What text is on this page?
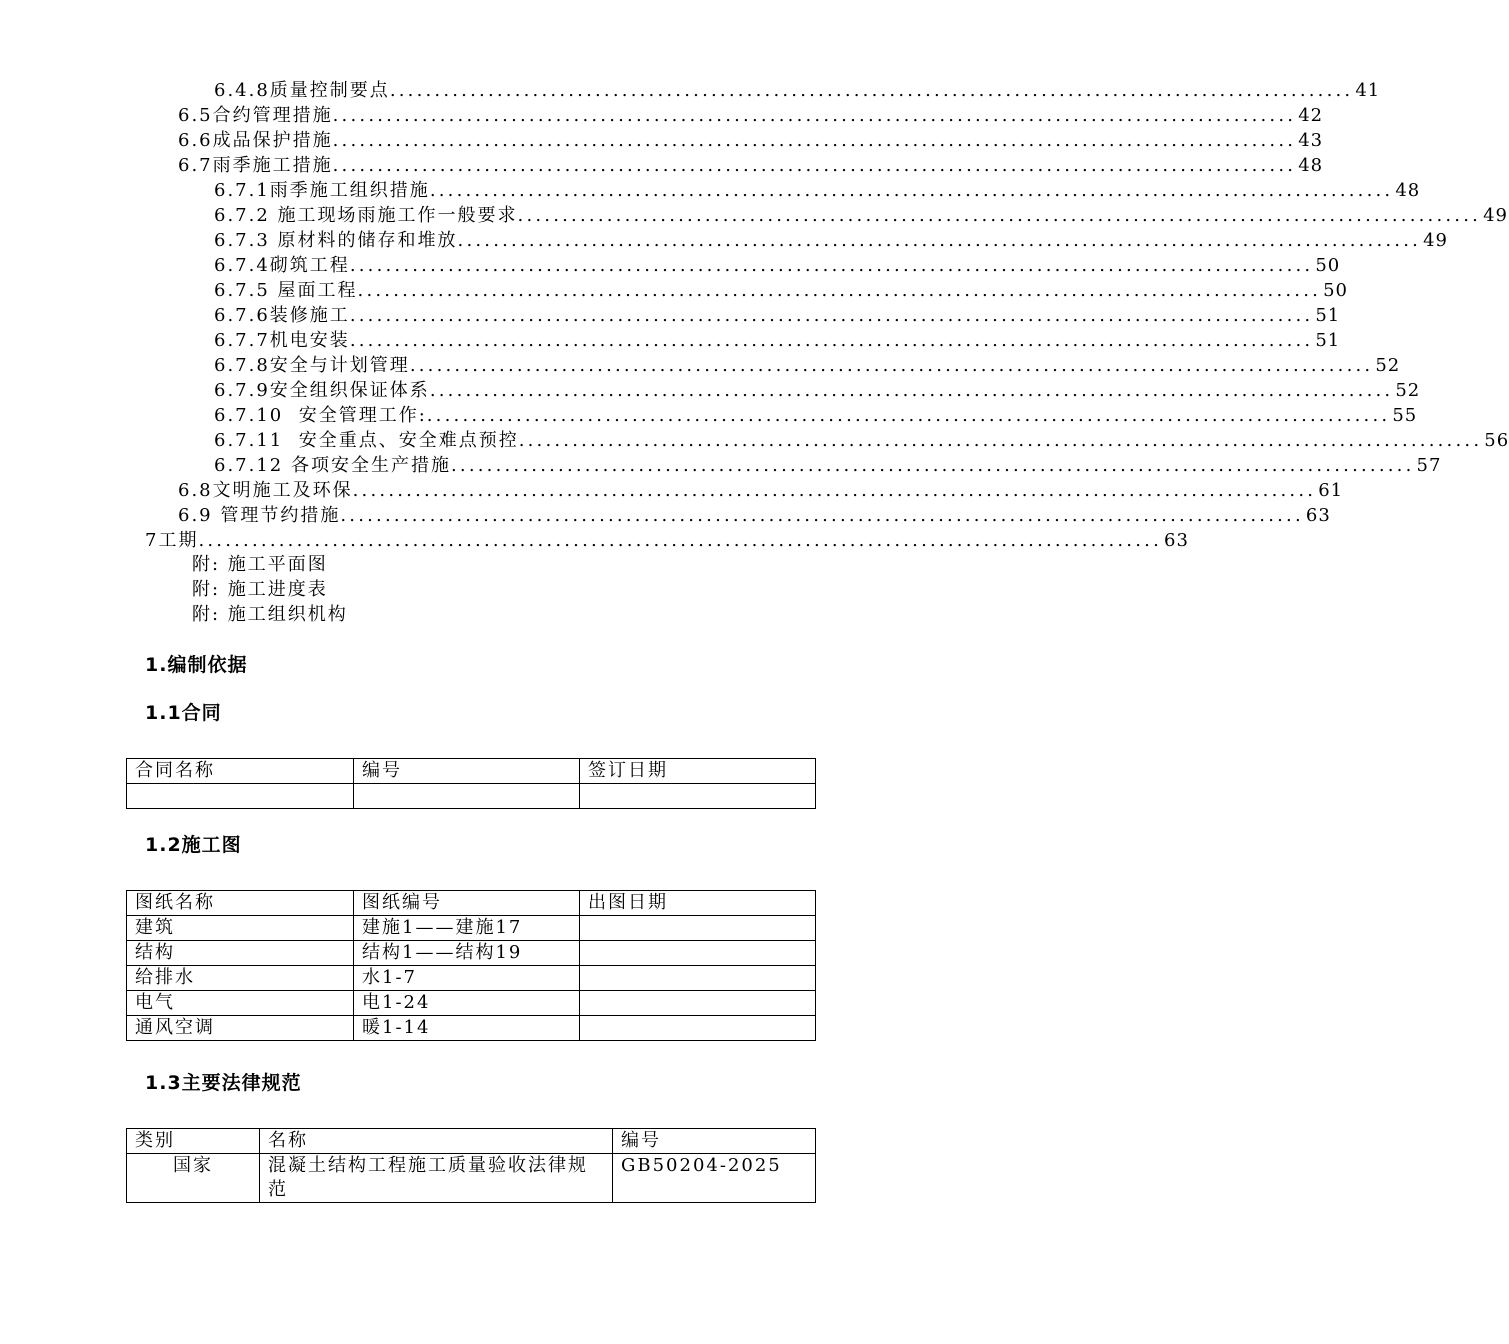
6.4.8质量控制要点 ............................................................................................................ 41
6.5合约管理措施 ............................................................................................................ 42
6.6成品保护措施 ............................................................................................................ 43
6.7雨季施工措施 ............................................................................................................ 48
6.7.1雨季施工组织措施 ............................................................................................................ 48
6.7.2 施工现场雨施工作一般要求 ............................................................................................................ 49
6.7.3 原材料的储存和堆放 ............................................................................................................ 49
6.7.4砌筑工程 ............................................................................................................ 50
6.7.5 屋面工程 ............................................................................................................ 50
6.7.6装修施工 ............................................................................................................ 51
6.7.7机电安装 ............................................................................................................ 51
6.7.8安全与计划管理 ............................................................................................................ 52
6.7.9安全组织保证体系 ............................................................................................................ 52
6.7.10  安全管理工作: ............................................................................................................ 55
6.7.11  安全重点、安全难点预控 ............................................................................................................ 56
6.7.12 各项安全生产措施 ............................................................................................................ 57
6.8文明施工及环保 ............................................................................................................ 61
6.9 管理节约措施 ............................................................................................................ 63
7工期 ............................................................................................................ 63
附: 施工平面图
附: 施工进度表
附: 施工组织机构
1.编制依据
1.1合同
合同名称	编号	签订日期

1.2施工图
图纸名称	图纸编号	出图日期
建筑	建施1——建施17	
结构	结构1——结构19	
给排水	水1-7	
电气	电1-24	
通风空调	暖1-14	
1.3主要法律规范
类别	名称	编号
国家	混凝土结构工程施工质量验收法律规范	GB50204-2025
